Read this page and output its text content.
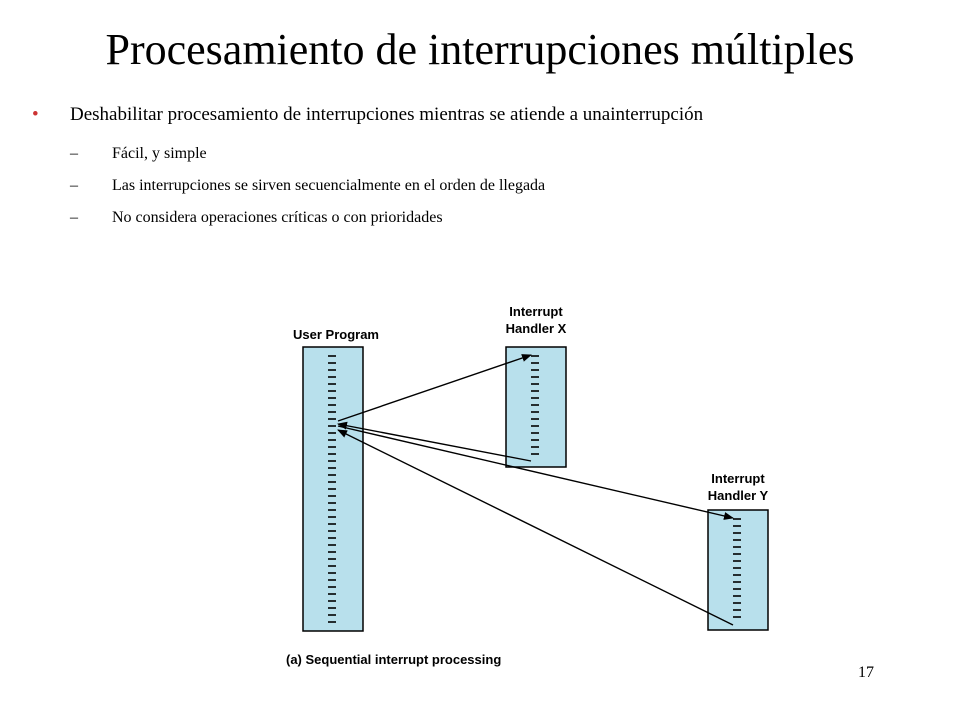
Procesamiento de interrupciones múltiples
• Deshabilitar procesamiento de interrupciones mientras se atiende a unainterrupción
– Fácil, y simple
– Las interrupciones se sirven secuencialmente en el orden de llegada
– No considera operaciones críticas o con prioridades
User Program
Interrupt
Handler X
Interrupt
Handler Y
(a) Sequential interrupt processing
17
